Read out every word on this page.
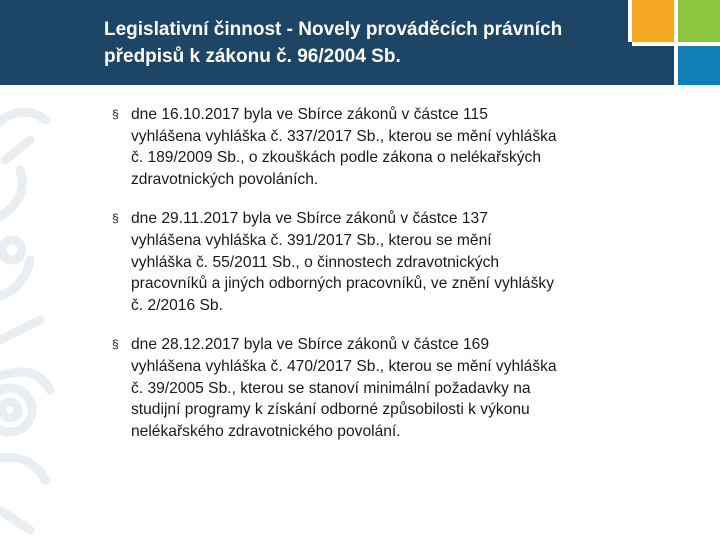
Legislativní činnost - Novely prováděcích právních
předpisů k zákonu č. 96/2004 Sb.
§ dne 16.10.2017 byla ve Sbírce zákonů v částce 115
vyhlášena vyhláška č. 337/2017 Sb., kterou se mění vyhláška
č. 189/2009 Sb., o zkouškách podle zákona o nelékařských
zdravotnických povoláních.
§ dne 29.11.2017 byla ve Sbírce zákonů v částce 137
vyhlášena vyhláška č. 391/2017 Sb., kterou se mění
vyhláška č. 55/2011 Sb., o činnostech zdravotnických
pracovníků a jiných odborných pracovníků, ve znění vyhlášky
č. 2/2016 Sb.
§ dne 28.12.2017 byla ve Sbírce zákonů v částce 169
vyhlášena vyhláška č. 470/2017 Sb., kterou se mění vyhláška
č. 39/2005 Sb., kterou se stanoví minimální požadavky na
studijní programy k získání odborné způsobilosti k výkonu
nelékařského zdravotnického povolání.
